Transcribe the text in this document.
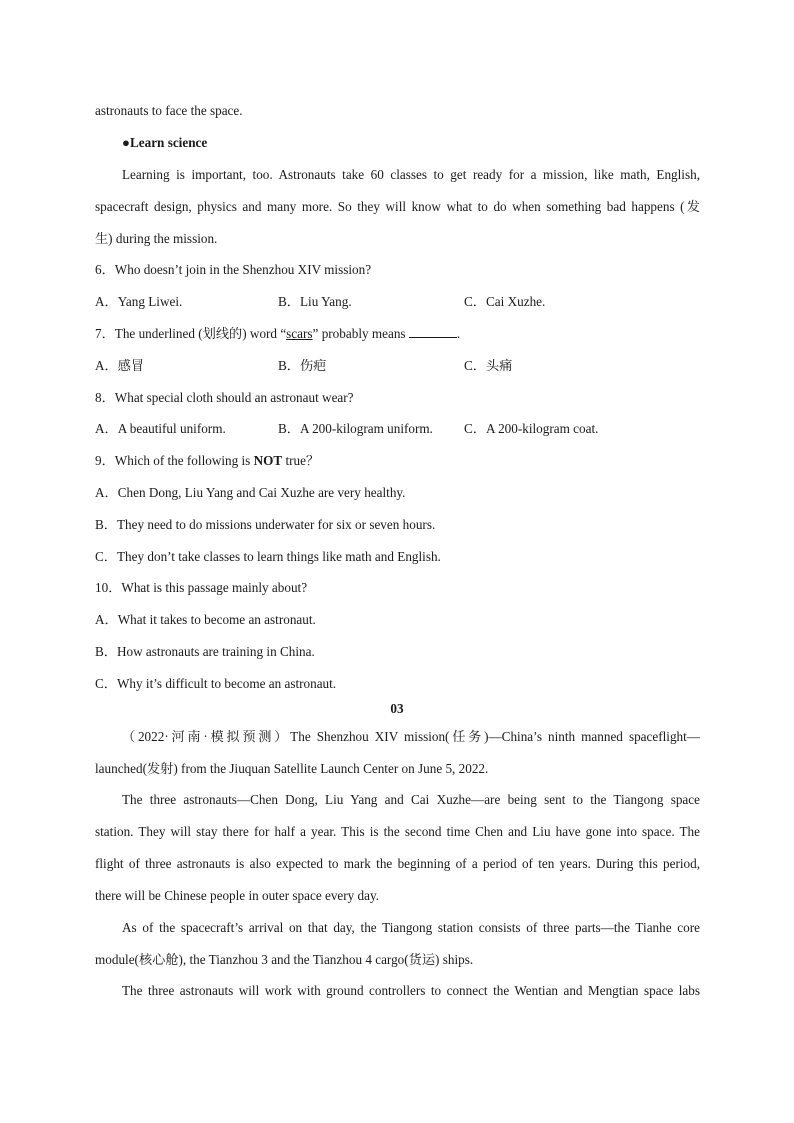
astronauts to face the space.
●Learn science
Learning is important, too. Astronauts take 60 classes to get ready for a mission, like math, English,
spacecraft design, physics and many more. So they will know what to do when something bad happens (发
生) during the mission.
6．Who doesn’t join in the Shenzhou XIV mission?
A．Yang Liwei.	B．Liu Yang.	C．Cai Xuzhe.
7．The underlined (划线的) word “scars” probably means	.
A．感冒	B．伤疤	C．头痛
8．What special cloth should an astronaut wear?
A．A beautiful uniform.	B．A 200-kilogram uniform. C．A 200-kilogram coat.
9．Which of the following is NOT true？
A．Chen Dong, Liu Yang and Cai Xuzhe are very healthy.
B．They need to do missions underwater for six or seven hours.
C．They don’t take classes to learn things like math and English.
10．What is this passage mainly about?
A．What it takes to become an astronaut.
B．How astronauts are training in China.
C．Why it’s difficult to become an astronaut.
03
（2022·河南·模拟预测）The Shenzhou XIV mission(任务)—China’s ninth manned spaceflight—
launched(发射) from the Jiuquan Satellite Launch Center on June 5, 2022.
The three astronauts—Chen Dong, Liu Yang and Cai Xuzhe—are being sent to the Tiangong space
station. They will stay there for half a year. This is the second time Chen and Liu have gone into space. The
flight of three astronauts is also expected to mark the beginning of a period of ten years. During this period,
there will be Chinese people in outer space every day.
As of the spacecraft’s arrival on that day, the Tiangong station consists of three parts—the Tianhe core
module(核心舱), the Tianzhou 3 and the Tianzhou 4 cargo(货运) ships.
The three astronauts will work with ground controllers to connect the Wentian and Mengtian space labs
